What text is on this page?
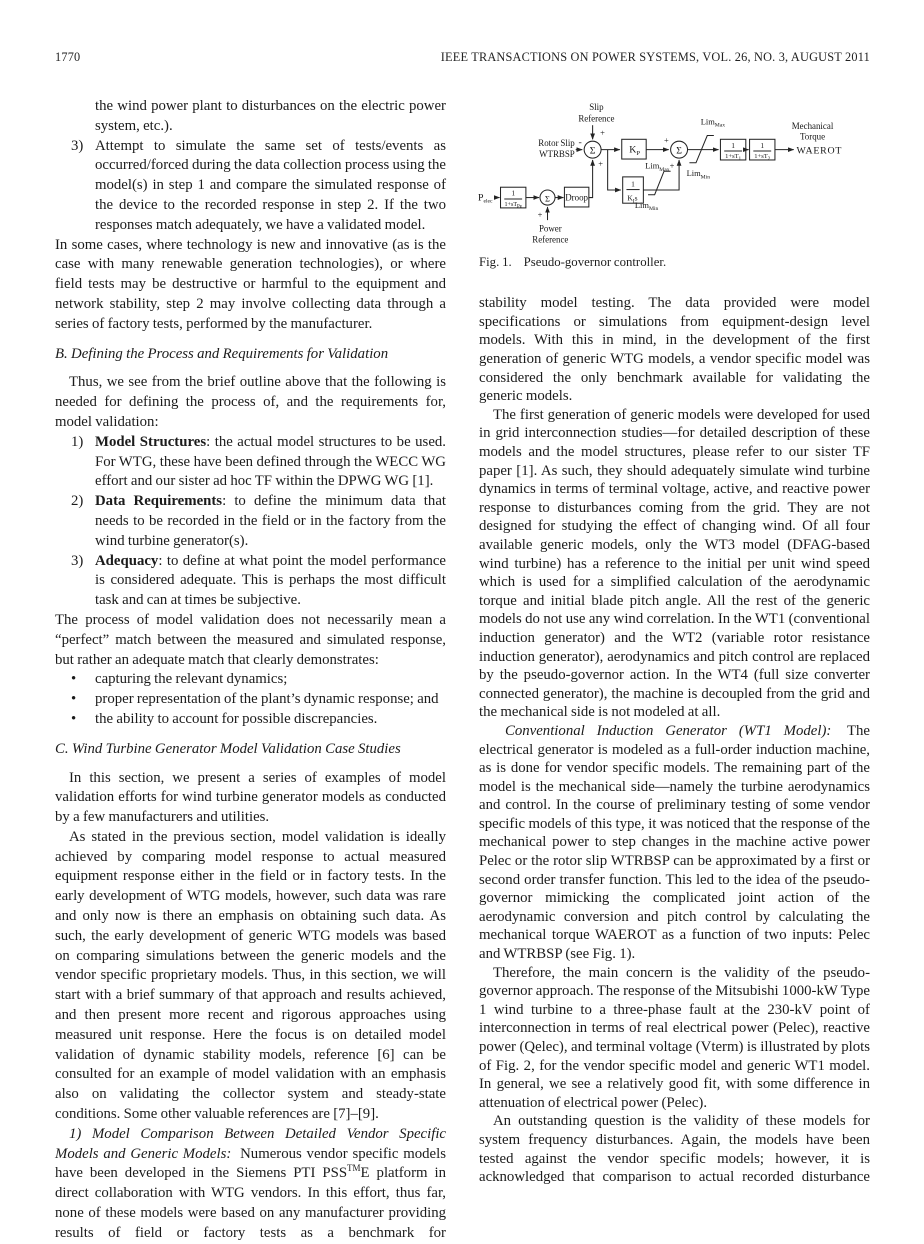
1770	IEEE TRANSACTIONS ON POWER SYSTEMS, VOL. 26, NO. 3, AUGUST 2011

the wind power plant to disturbances on the electric power system, etc.).

3) Attempt to simulate the same set of tests/events as occurred/forced during the data collection process using the model(s) in step 1 and compare the simulated response of the device to the recorded response in step 2. If the two responses match adequately, we have a validated model.

In some cases, where technology is new and innovative (as is the case with many renewable generation technologies), or where field tests may be destructive or harmful to the equipment and network stability, step 2 may involve collecting data through a series of factory tests, performed by the manufacturer.

B. Defining the Process and Requirements for Validation

Thus, we see from the brief outline above that the following is needed for defining the process of, and the requirements for, model validation:

1) Model Structures: the actual model structures to be used. For WTG, these have been defined through the WECC WG effort and our sister ad hoc TF within the DPWG WG [1].

2) Data Requirements: to define the minimum data that needs to be recorded in the field or in the factory from the wind turbine generator(s).

3) Adequacy: to define at what point the model performance is considered adequate. This is perhaps the most difficult task and can at times be subjective.

The process of model validation does not necessarily mean a “perfect” match between the measured and simulated response, but rather an adequate match that clearly demonstrates:

• capturing the relevant dynamics;

• proper representation of the plant’s dynamic response; and

• the ability to account for possible discrepancies.

C. Wind Turbine Generator Model Validation Case Studies

In this section, we present a series of examples of model validation efforts for wind turbine generator models as conducted by a few manufacturers and utilities.

As stated in the previous section, model validation is ideally achieved by comparing model response to actual measured equipment response either in the field or in factory tests. In the early development of WTG models, however, such data was rare and only now is there an emphasis on obtaining such data. As such, the early development of generic WTG models was based on comparing simulations between the generic models and the vendor specific proprietary models. Thus, in this section, we will start with a brief summary of that approach and results achieved, and then present more recent and rigorous approaches using measured unit response. Here the focus is on detailed model validation of dynamic stability models, reference [6] can be consulted for an example of model validation with an emphasis also on validating the collector system and steady-state conditions. Some other valuable references are [7]–[9].

1) Model Comparison Between Detailed Vendor Specific Models and Generic Models: Numerous vendor specific models have been developed in the Siemens PTI PSS™E platform in direct collaboration with WTG vendors. In this effort, thus far, none of these models were based on any manufacturer providing results of field or factory tests as a benchmark for

Slip
Reference
+
Rotor Slip
WTRBSP
-
Σ
+
$P_{elec}$
1
$1+sT_{Pe}$
Σ
+
Power
Reference
Droop
$K_P$
+
1
$K_Is$
+
Lim$_{Max}$
Lim$_{Min}$
Σ
Lim$_{Max}$
Lim$_{Min}$
1
$1+sT_1$
1
$1+sT_2$
Mechanical
Torque
WAEROT
Fig. 1. Pseudo-governor controller.

stability model testing. The data provided were model specifications or simulations from equipment-design level models. With this in mind, in the development of the first generation of generic WTG models, a vendor specific model was considered the only benchmark available for validating the generic models.

The first generation of generic models were developed for used in grid interconnection studies—for detailed description of these models and the model structures, please refer to our sister TF paper [1]. As such, they should adequately simulate wind turbine dynamics in terms of terminal voltage, active, and reactive power response to disturbances coming from the grid. They are not designed for studying the effect of changing wind. Of all four available generic models, only the WT3 model (DFAG-based wind turbine) has a reference to the initial per unit wind speed which is used for a simplified calculation of the aerodynamic torque and initial blade pitch angle. All the rest of the generic models do not use any wind correlation. In the WT1 (conventional induction generator) and the WT2 (variable rotor resistance induction generator), aerodynamics and pitch control are replaced by the pseudo-governor action. In the WT4 (full size converter connected generator), the machine is decoupled from the grid and the mechanical side is not modeled at all.

Conventional Induction Generator (WT1 Model): The electrical generator is modeled as a full-order induction machine, as is done for vendor specific models. The remaining part of the model is the mechanical side—namely the turbine aerodynamics and control. In the course of preliminary testing of some vendor specific models of this type, it was noticed that the response of the mechanical power to step changes in the machine active power Pelec or the rotor slip WTRBSP can be approximated by a first or second order transfer function. This led to the idea of the pseudo-governor mimicking the complicated joint action of the aerodynamic conversion and pitch control by calculating the mechanical torque WAEROT as a function of two inputs: Pelec and WTRBSP (see Fig. 1).

Therefore, the main concern is the validity of the pseudo-governor approach. The response of the Mitsubishi 1000-kW Type 1 wind turbine to a three-phase fault at the 230-kV point of interconnection in terms of real electrical power (Pelec), reactive power (Qelec), and terminal voltage (Vterm) is illustrated by plots of Fig. 2, for the vendor specific model and generic WT1 model. In general, we see a relatively good fit, with some difference in attenuation of electrical power (Pelec).

An outstanding question is the validity of these models for system frequency disturbances. Again, the models have been tested against the vendor specific models; however, it is acknowledged that comparison to actual recorded disturbance
